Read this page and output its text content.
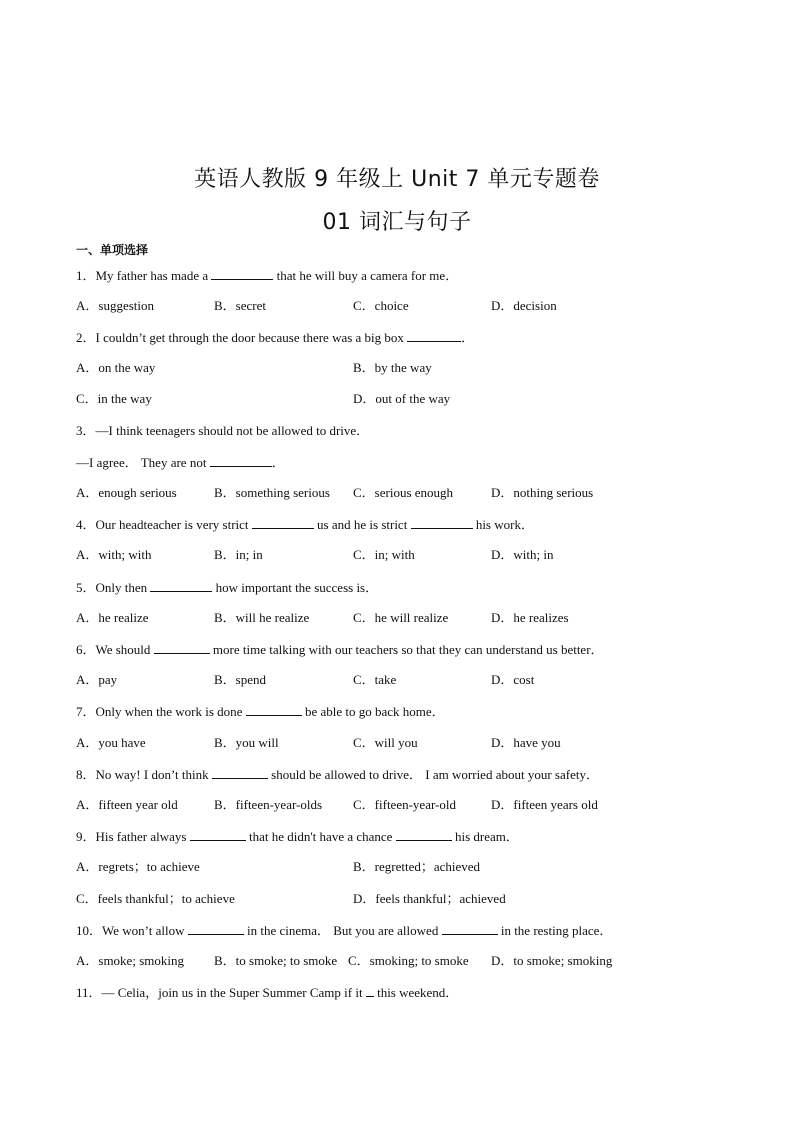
英语人教版 9 年级上 Unit 7 单元专题卷
01 词汇与句子
一、单项选择
1．My father has made a	that he will buy a camera for me．
A．suggestion	B．secret	C．choice	D．decision
2．I couldn’t get through the door because there was a big box	．
A．on the way	B．by the way
C．in the way	D．out of the way
3．—I think teenagers should not be allowed to drive．
—I agree． They are not	．
A．enough serious	B．something serious C．serious enough	D．nothing serious
4．Our headteacher is very strict	us and he is strict	his work．
A．with; with	B．in; in	C．in; with	D．with; in
5．Only then	how important the success is．
A．he realize	B．will he realize	C．he will realize	D．he realizes
6．We should	more time talking with our teachers so that they can understand us better．
A．pay	B．spend	C．take	D．cost
7．Only when the work is done	be able to go back home．
A．you have	B．you will	C．will you	D．have you
8．No way! I don’t think	should be allowed to drive． I am worried about your safety．
A．fifteen year old	B．fifteen-year-olds C．fifteen-year-old	D．fifteen years old
9．His father always	that he didn't have a chance	his dream．
A．regrets；to achieve	B．regretted；achieved
C．feels thankful；to achieve	D．feels thankful；achieved
10．We won’t allow	in the cinema． But you are allowed	in the resting place．
A．smoke; smoking B．to smoke; to smoke C．smoking; to smoke D．to smoke; smoking
11．— Celia，join us in the Super Summer Camp if it  this weekend．
